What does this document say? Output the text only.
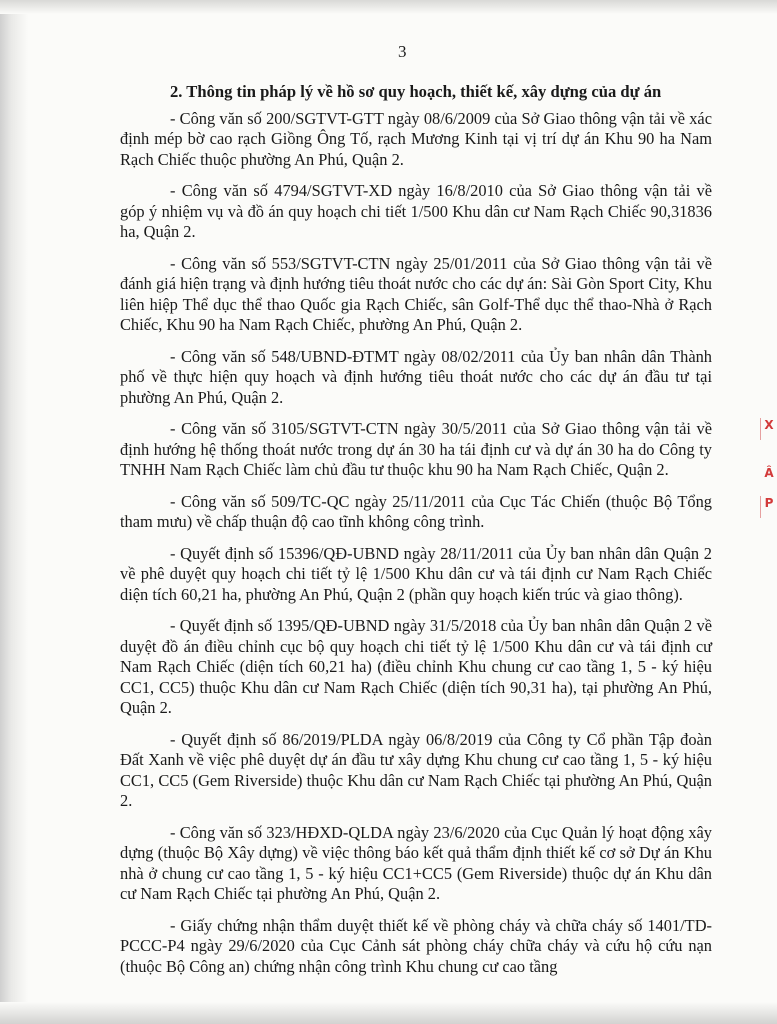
3
2. Thông tin pháp lý về hồ sơ quy hoạch, thiết kế, xây dựng của dự án

- Công văn số 200/SGTVT-GTT ngày 08/6/2009 của Sở Giao thông vận tải về xác định mép bờ cao rạch Giồng Ông Tố, rạch Mương Kinh tại vị trí dự án Khu 90 ha Nam Rạch Chiếc thuộc phường An Phú, Quận 2.

- Công văn số 4794/SGTVT-XD ngày 16/8/2010 của Sở Giao thông vận tải về góp ý nhiệm vụ và đồ án quy hoạch chi tiết 1/500 Khu dân cư Nam Rạch Chiếc 90,31836 ha, Quận 2.

- Công văn số 553/SGTVT-CTN ngày 25/01/2011 của Sở Giao thông vận tải về đánh giá hiện trạng và định hướng tiêu thoát nước cho các dự án: Sài Gòn Sport City, Khu liên hiệp Thể dục thể thao Quốc gia Rạch Chiếc, sân Golf-Thể dục thể thao-Nhà ở Rạch Chiếc, Khu 90 ha Nam Rạch Chiếc, phường An Phú, Quận 2.

- Công văn số 548/UBND-ĐTMT ngày 08/02/2011 của Ủy ban nhân dân Thành phố về thực hiện quy hoạch và định hướng tiêu thoát nước cho các dự án đầu tư tại phường An Phú, Quận 2.

- Công văn số 3105/SGTVT-CTN ngày 30/5/2011 của Sở Giao thông vận tải về định hướng hệ thống thoát nước trong dự án 30 ha tái định cư và dự án 30 ha do Công ty TNHH Nam Rạch Chiếc làm chủ đầu tư thuộc khu 90 ha Nam Rạch Chiếc, Quận 2.

- Công văn số 509/TC-QC ngày 25/11/2011 của Cục Tác Chiến (thuộc Bộ Tổng tham mưu) về chấp thuận độ cao tĩnh không công trình.

- Quyết định số 15396/QĐ-UBND ngày 28/11/2011 của Ủy ban nhân dân Quận 2 về phê duyệt quy hoạch chi tiết tỷ lệ 1/500 Khu dân cư và tái định cư Nam Rạch Chiếc diện tích 60,21 ha, phường An Phú, Quận 2 (phần quy hoạch kiến trúc và giao thông).

- Quyết định số 1395/QĐ-UBND ngày 31/5/2018 của Ủy ban nhân dân Quận 2 về duyệt đồ án điều chỉnh cục bộ quy hoạch chi tiết tỷ lệ 1/500 Khu dân cư và tái định cư Nam Rạch Chiếc (diện tích 60,21 ha) (điều chỉnh Khu chung cư cao tầng 1, 5 - ký hiệu CC1, CC5) thuộc Khu dân cư Nam Rạch Chiếc (diện tích 90,31 ha), tại phường An Phú, Quận 2.

- Quyết định số 86/2019/PLDA ngày 06/8/2019 của Công ty Cổ phần Tập đoàn Đất Xanh về việc phê duyệt dự án đầu tư xây dựng Khu chung cư cao tầng 1, 5 - ký hiệu CC1, CC5 (Gem Riverside) thuộc Khu dân cư Nam Rạch Chiếc tại phường An Phú, Quận 2.

- Công văn số 323/HĐXD-QLDA ngày 23/6/2020 của Cục Quản lý hoạt động xây dựng (thuộc Bộ Xây dựng) về việc thông báo kết quả thẩm định thiết kế cơ sở Dự án Khu nhà ở chung cư cao tầng 1, 5 - ký hiệu CC1+CC5 (Gem Riverside) thuộc dự án Khu dân cư Nam Rạch Chiếc tại phường An Phú, Quận 2.

- Giấy chứng nhận thẩm duyệt thiết kế về phòng cháy và chữa cháy số 1401/TD-PCCC-P4 ngày 29/6/2020 của Cục Cảnh sát phòng cháy chữa cháy và cứu hộ cứu nạn (thuộc Bộ Công an) chứng nhận công trình Khu chung cư cao tầng

X
Â
P
